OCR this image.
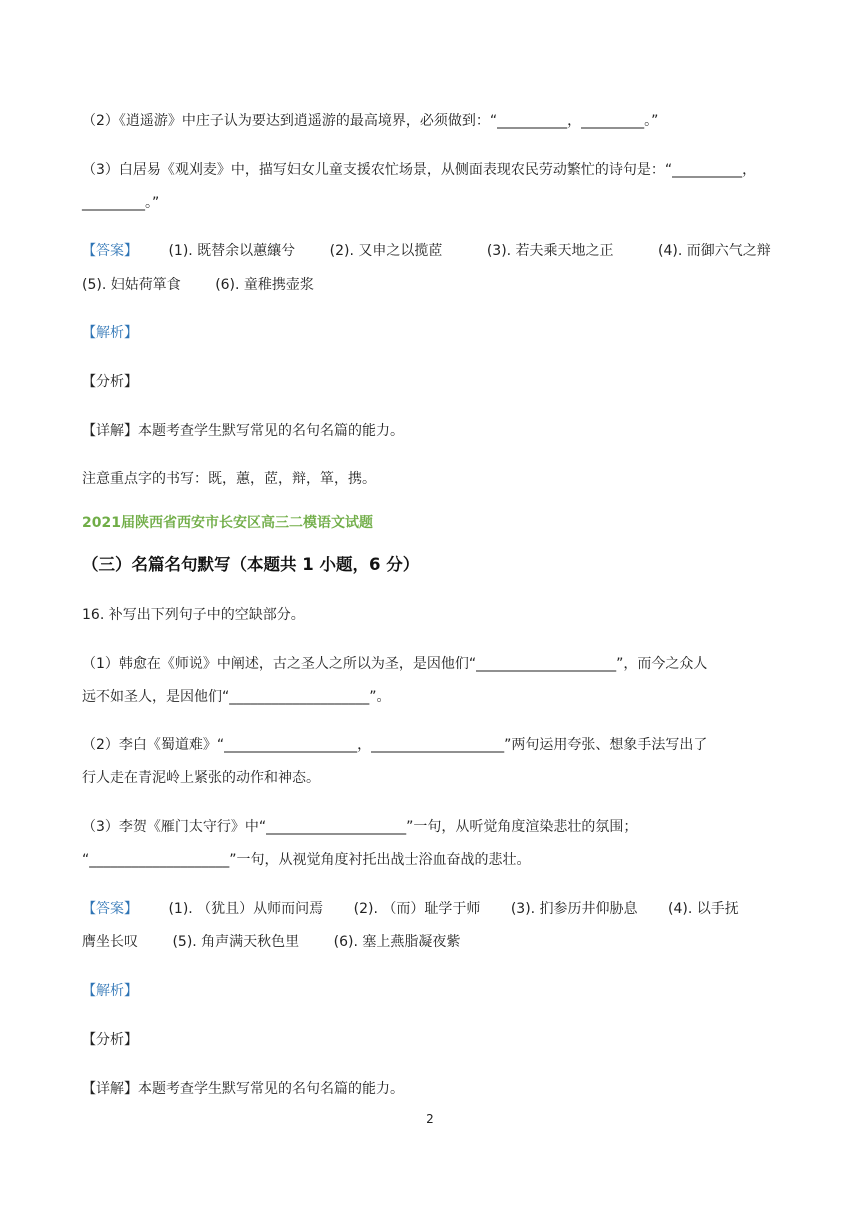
（2）《逍遥游》中庄子认为要达到逍遥游的最高境界，必须做到：“__________，_________。”
（3）白居易《观刈麦》中，描写妇女儿童支援农忙场景，从侧面表现农民劳动繁忙的诗句是：“__________，
_________。”
【答案】 (1). 既替余以蕙纕兮 (2). 又申之以揽茝	(3). 若夫乘天地之正	(4). 而御六气之辩
(5). 妇姑荷箪食 (6). 童稚携壶浆
【解析】
【分析】
【详解】本题考查学生默写常见的名句名篇的能力。
注意重点字的书写：既，蕙，茝，辩，箪，携。
2021届陕西省西安市长安区高三二模语文试题
（三）名篇名句默写（本题共 1 小题，6 分）
16. 补写出下列句子中的空缺部分。
（1）韩愈在《师说》中阐述，古之圣人之所以为圣，是因他们“____________________”，而今之众人
远不如圣人，是因他们“____________________”。
（2）李白《蜀道难》“___________________，___________________”两句运用夸张、想象手法写出了
行人走在青泥岭上紧张的动作和神态。
（3）李贺《雁门太守行》中“____________________”一句，从听觉角度渲染悲壮的氛围；
“____________________”一句，从视觉角度衬托出战士浴血奋战的悲壮。
【答案】 (1). （犹且）从师而问焉 (2). （而）耻学于师 (3). 扪参历井仰胁息 (4). 以手抚
膺坐长叹 (5). 角声满天秋色里 (6). 塞上燕脂凝夜紫
【解析】
【分析】
【详解】本题考查学生默写常见的名句名篇的能力。
2
